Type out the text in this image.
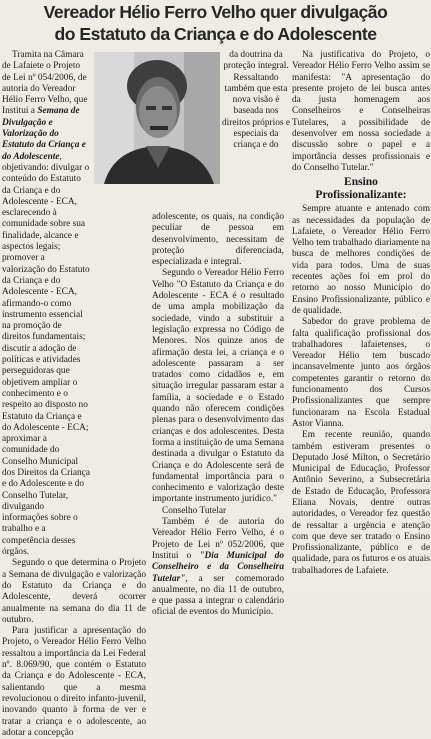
Vereador Hélio Ferro Velho quer divulgação
do Estatuto da Criança e do Adolescente

Tramita na Câmara de Lafaiete o Projeto de Lei nº 054/2006, de autoria do Vereador Hélio Ferro Velho, que Institui a Semana de Divulgação e Valorização do Estatuto da Criança e do Adolescente, objetivando: divulgar o conteúdo do Estatuto da Criança e do Adolescente - ECA, esclarecendo à comunidade sobre sua finalidade, alcance e aspectos legais; promover a valorização do Estatuto da Criança e do Adolescente - ECA, afirmando-o como instrumento essencial na promoção de direitos fundamentais; discutir a adoção de políticas e atividades perseguidoras que objetivem ampliar o conhecimento e o respeito ao disposto no Estatuto da Criança e do Adolescente - ECA; aproximar a comunidade do Conselho Municipal dos Direitos da Criança e do Adolescente e do Conselho Tutelar, divulgando informações sobre o trabalho e a competência desses órgãos.

Segundo o que determina o Projeto a Semana de divulgação e valorização do Estatuto da Criança e do Adolescente, deverá ocorrer anualmente na semana do dia 11 de outubro.

Para justificar a apresentação do Projeto, o Vereador Hélio Ferro Velho ressaltou a importância da Lei Federal nº. 8.069/90, que contém o Estatuto da Criança e do Adolescente - ECA, salientando que a mesma revolucionou o direito infanto-juvenil, inovando quanto à forma de ver e tratar a criança e o adolescente, ao adotar a concepção

da doutrina da proteção integral. Ressaltando também que esta nova visão é baseada nos direitos próprios e especiais da criança e do

adolescente, os quais, na condição peculiar de pessoa em desenvolvimento, necessitam de proteção diferenciada, especializada e integral.

Segundo o Vereador Hélio Ferro Velho "O Estatuto da Criança e do Adolescente - ECA é o resultado de uma ampla mobilização da sociedade, vindo a substituir a legislação expressa no Código de Menores. Nos quinze anos de afirmação desta lei, a criança e o adolescente passaram a ser tratados como cidadãos e, em situação irregular passaram estar a família, a sociedade e o Estado quando não oferecem condições plenas para o desenvolvimento das crianças e dos adolescentes. Desta forma a instituição de uma Semana destinada a divulgar o Estatuto da Criança e do Adolescente será de fundamental importância para o conhecimento e valorização deste importante instrumento jurídico."

Conselho Tutelar

Também é de autoria do Vereador Hélio Ferro Velho, é o Projeto de Lei nº 052/2006, que Institui o "Dia Municipal do Conselheiro e da Conselheira Tutelar", a ser comemorado anualmente, no dia 11 de outubro, e que passa a integrar o calendário oficial de eventos do Município.

Na justificativa do Projeto, o Vereador Hélio Ferro Velho assim se manifesta: "A apresentação do presente projeto de lei busca antes da justa homenagem aos Conselheiros e Conselheiras Tutelares, a possibilidade de desenvolver em nossa sociedade a discussão sobre o papel e a importância desses profissionais e do Conselho Tutelar."

Ensino
Profissionalizante:

Sempre atuante e antenado com as necessidades da população de Lafaiete, o Vereador Hélio Ferro Velho tem trabalhado diariamente na busca de melhores condições de vida para todos. Uma de suas recentes ações foi em prol do retorno ao nosso Município do Ensino Profissionalizante, público e de qualidade.

Sabedor do grave problema de falta qualificação profissional dos trabalhadores lafaietenses, o Vereador Hélio tem buscado incansavelmente junto aos órgãos competentes garantir o retorno do funcionamento dos Cursos Profissionalizantes que sempre funcionaram na Escola Estadual Astor Vianna.

Em recente reunião, quando também estiveram presentes o Deputado José Milton, o Secretário Municipal de Educação, Professor Antônio Severino, a Subsecretária de Estado de Educação, Professora Eliana Novais, dentre outras autoridades, o Vereador fez questão de ressaltar a urgência e atenção com que deve ser tratado o Ensino Profissionalizante, público e de qualidade, para os futuros e os atuais trabalhadores de Lafaiete.
